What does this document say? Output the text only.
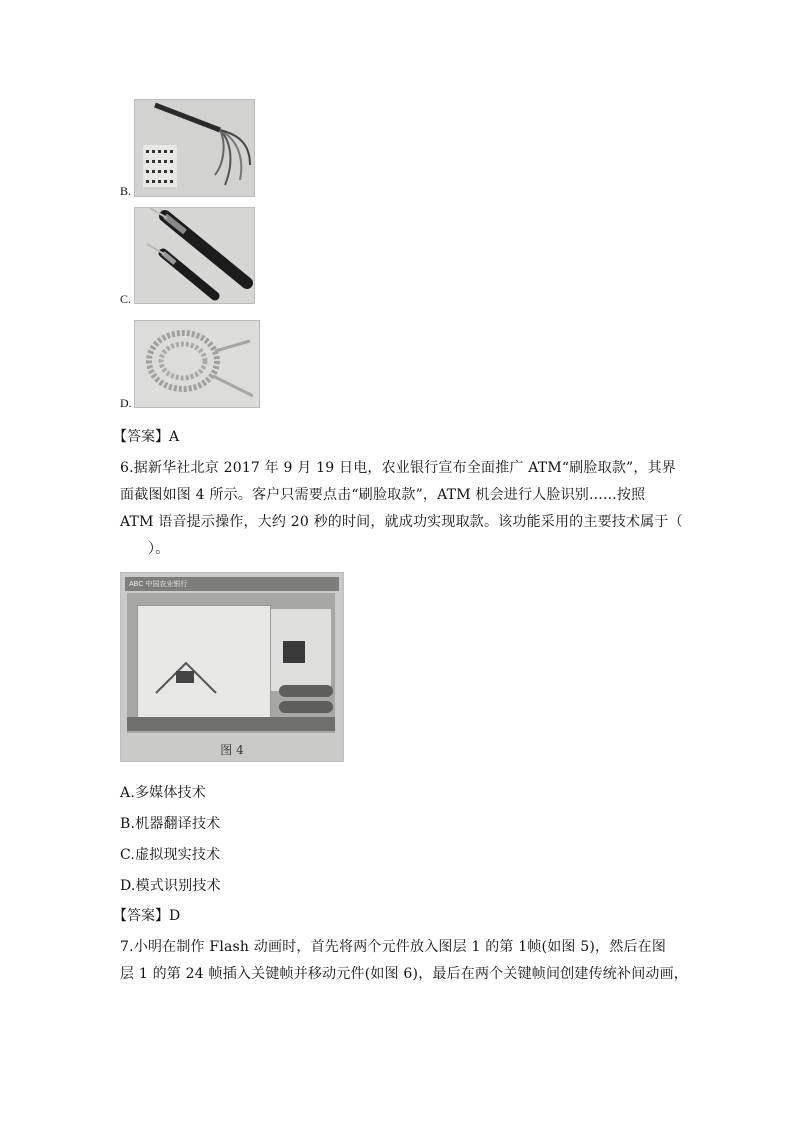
B.
C.
D.
【答案】A
6.据新华社北京 2017 年 9 月 19 日电，农业银行宣布全面推广 ATM“刷脸取款”，其界
面截图如图 4 所示。客户只需要点击“刷脸取款”，ATM 机会进行人脸识别......按照
ATM 语音提示操作，大约 20 秒的时间，就成功实现取款。该功能采用的主要技术属于（
）。
ABC 中国农业银行
图 4
A.多媒体技术
B.机器翻译技术
C.虚拟现实技术
D.模式识别技术
【答案】D
7.小明在制作 Flash 动画时，首先将两个元件放入图层 1 的第 1帧(如图 5)，然后在图
层 1 的第 24 帧插入关键帧并移动元件(如图 6)，最后在两个关键帧间创建传统补间动画，
